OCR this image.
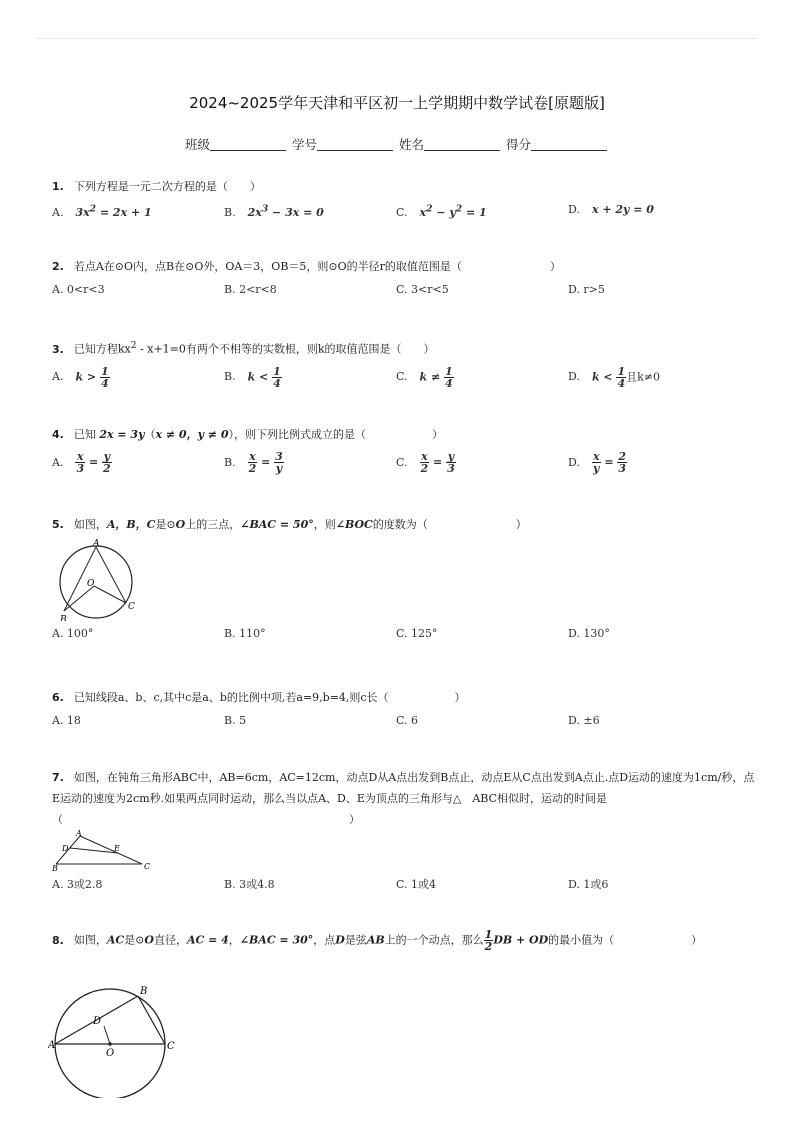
2024~2025学年天津和平区初一上学期期中数学试卷[原题版]
班级	学号	姓名	得分
1. 下列方程是一元二次方程的是（　　）
A. $3x^2 = 2x + 1$	B. $2x^3 - 3x = 0$	C. $x^2 - y^2 = 1$	D. x + 2y = 0
2. 若点A在⊙O内，点B在⊙O外，OA＝3，OB＝5，则⊙O的半径r的取值范围是（　　　　　　　　）
A. 0<r<3	B. 2<r<8	C. 3<r<5	D. r>5
3. 已知方程$kx^2 - x+1=0$有两个不相等的实数根，则k的取值范围是（　　）
A. $k > \frac{1}{4}$	B. $k < \frac{1}{4}$	C. $k \ne \frac{1}{4}$	D. $k < \frac{1}{4}$ 且k≠0
4. 已知 2x = 3y（x ≠ 0，y ≠ 0），则下列比例式成立的是（　　　　　　）
A. $\frac{x}{3} = \frac{y}{2}$	B. $\frac{x}{2} = \frac{3}{y}$	C. $\frac{x}{2} = \frac{y}{3}$	D. $\frac{x}{y} = \frac{2}{3}$
5. 如图，A，B，C是⊙O上的三点，∠BAC = 50°，则∠BOC的度数为（　　　　　　　　）
A
O
B
C
A. 100°	B. 110°	C. 125°	D. 130°
6. 已知线段a、b、c,其中c是a、b的比例中项,若a=9,b=4,则c长（　　　　　　）
A. 18	B. 5	C. 6	D. ±6
7. 如图，在钝角三角形ABC中，AB=6cm，AC=12cm，动点D从A点出发到B点止，动点E从C点出发到A点止.点D运动的速度为1cm/秒，点E运动的速度为2cm秒.如果两点同时运动，那么当以点A、D、E为顶点的三角形与△　ABC相似时，运动的时间是（　　　　　　　　　　　　　　　　　　　　　　　　　　）
A
D	E
B	C
A. 3或2.8	B. 3或4.8	C. 1或4	D. 1或6
8. 如图，AC是⊙O直径，AC = 4，∠BAC = 30°，点D是弦AB上的一个动点，那么 $\frac{1}{2}$ DB + OD的最小值为（　　　　　　　）
A
B
C
D
O
